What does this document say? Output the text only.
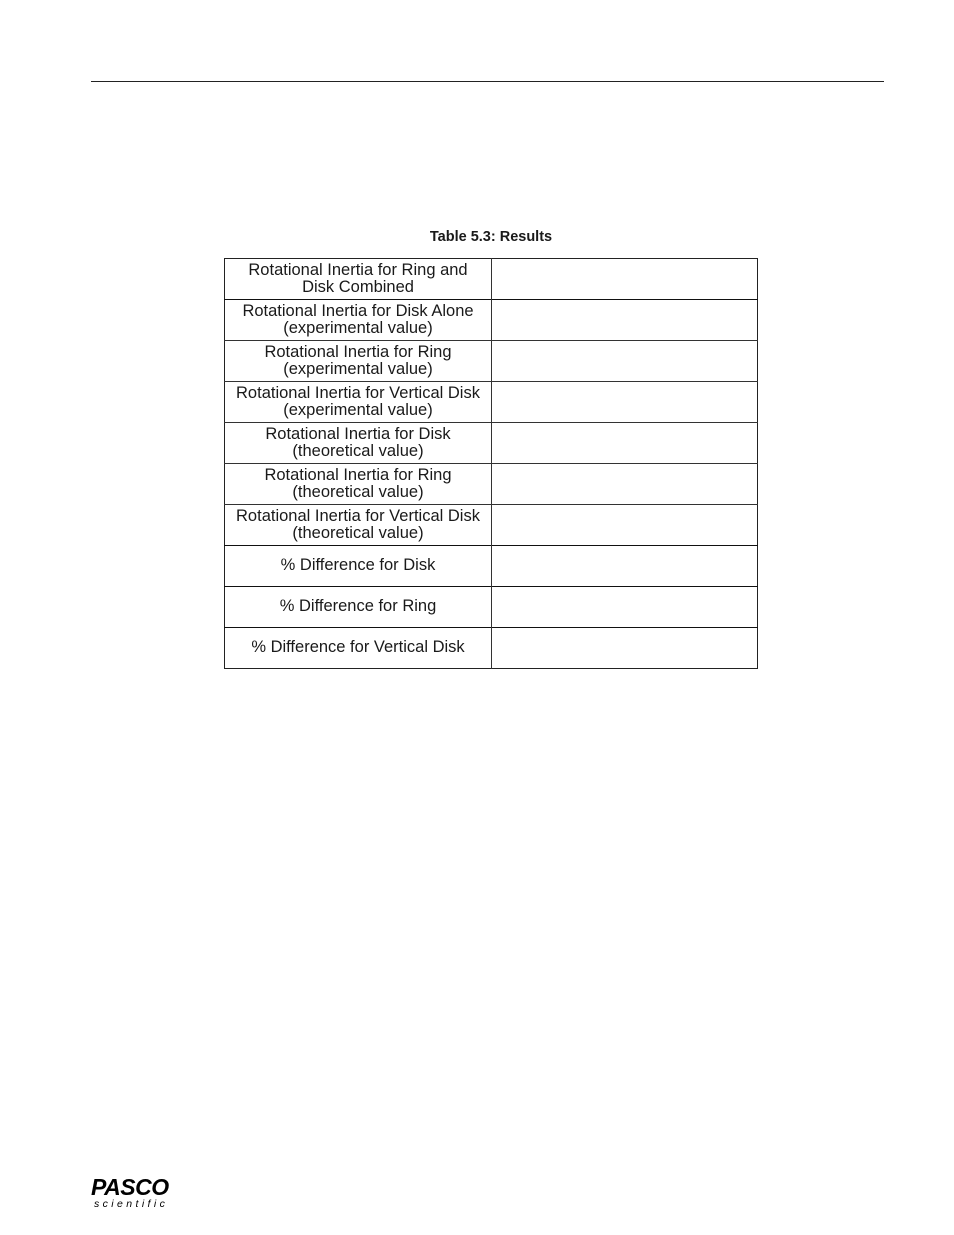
Table 5.3: Results
Rotational Inertia for Ring and
Disk Combined	

Rotational Inertia for Disk Alone
(experimental value)	

Rotational Inertia for Ring
(experimental value)	

Rotational Inertia for Vertical Disk
(experimental value)	

Rotational Inertia for Disk
(theoretical value)	

Rotational Inertia for Ring
(theoretical value)	

Rotational Inertia for Vertical Disk
(theoretical value)	

% Difference for Disk	

% Difference for Ring	

% Difference for Vertical Disk	

PASCO
scientific
